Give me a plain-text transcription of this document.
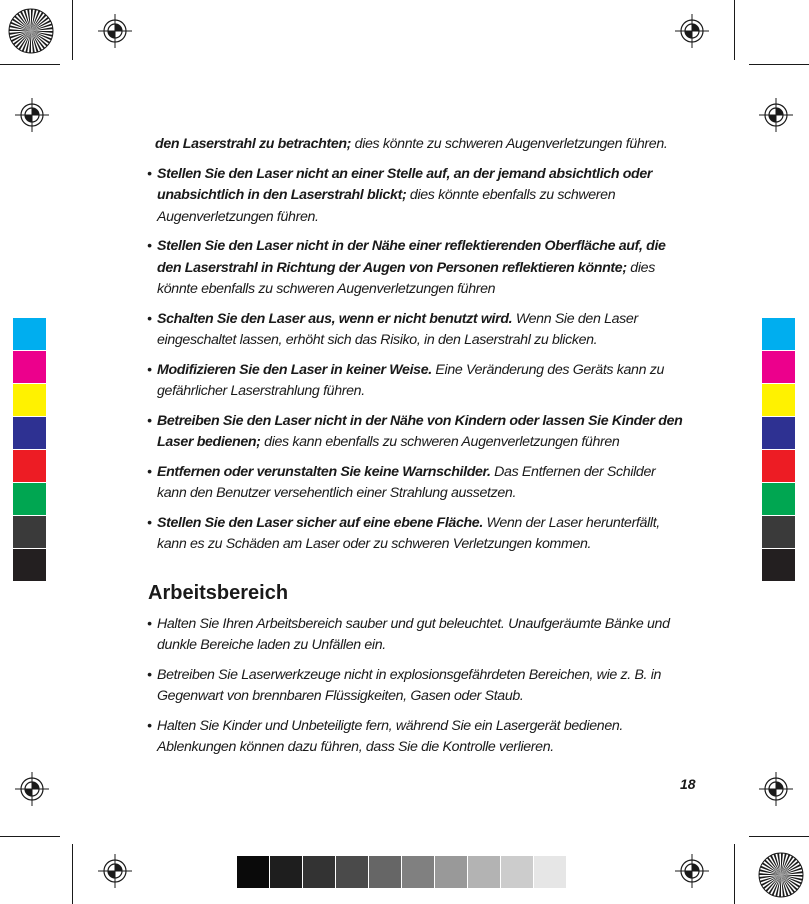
den Laserstrahl zu betrachten; dies könnte zu schweren Augenverletzungen führen.

• Stellen Sie den Laser nicht an einer Stelle auf, an der jemand absichtlich oder unabsichtlich in den Laserstrahl blickt; dies könnte ebenfalls zu schweren Augenverletzungen führen.

• Stellen Sie den Laser nicht in der Nähe einer reflektierenden Oberfläche auf, die den Laserstrahl in Richtung der Augen von Personen reflektieren könnte; dies könnte ebenfalls zu schweren Augenverletzungen führen

• Schalten Sie den Laser aus, wenn er nicht benutzt wird. Wenn Sie den Laser eingeschaltet lassen, erhöht sich das Risiko, in den Laserstrahl zu blicken.

• Modifizieren Sie den Laser in keiner Weise. Eine Veränderung des Geräts kann zu gefährlicher Laserstrahlung führen.

• Betreiben Sie den Laser nicht in der Nähe von Kindern oder lassen Sie Kinder den Laser bedienen; dies kann ebenfalls zu schweren Augenverletzungen führen

• Entfernen oder verunstalten Sie keine Warnschilder. Das Entfernen der Schilder kann den Benutzer versehentlich einer Strahlung aussetzen.

• Stellen Sie den Laser sicher auf eine ebene Fläche. Wenn der Laser herunterfällt, kann es zu Schäden am Laser oder zu schweren Verletzungen kommen.

Arbeitsbereich

• Halten Sie Ihren Arbeitsbereich sauber und gut beleuchtet. Unaufgeräumte Bänke und dunkle Bereiche laden zu Unfällen ein.

• Betreiben Sie Laserwerkzeuge nicht in explosionsgefährdeten Bereichen, wie z. B. in Gegenwart von brennbaren Flüssigkeiten, Gasen oder Staub.

• Halten Sie Kinder und Unbeteiligte fern, während Sie ein Lasergerät bedienen. Ablenkungen können dazu führen, dass Sie die Kontrolle verlieren.

18
